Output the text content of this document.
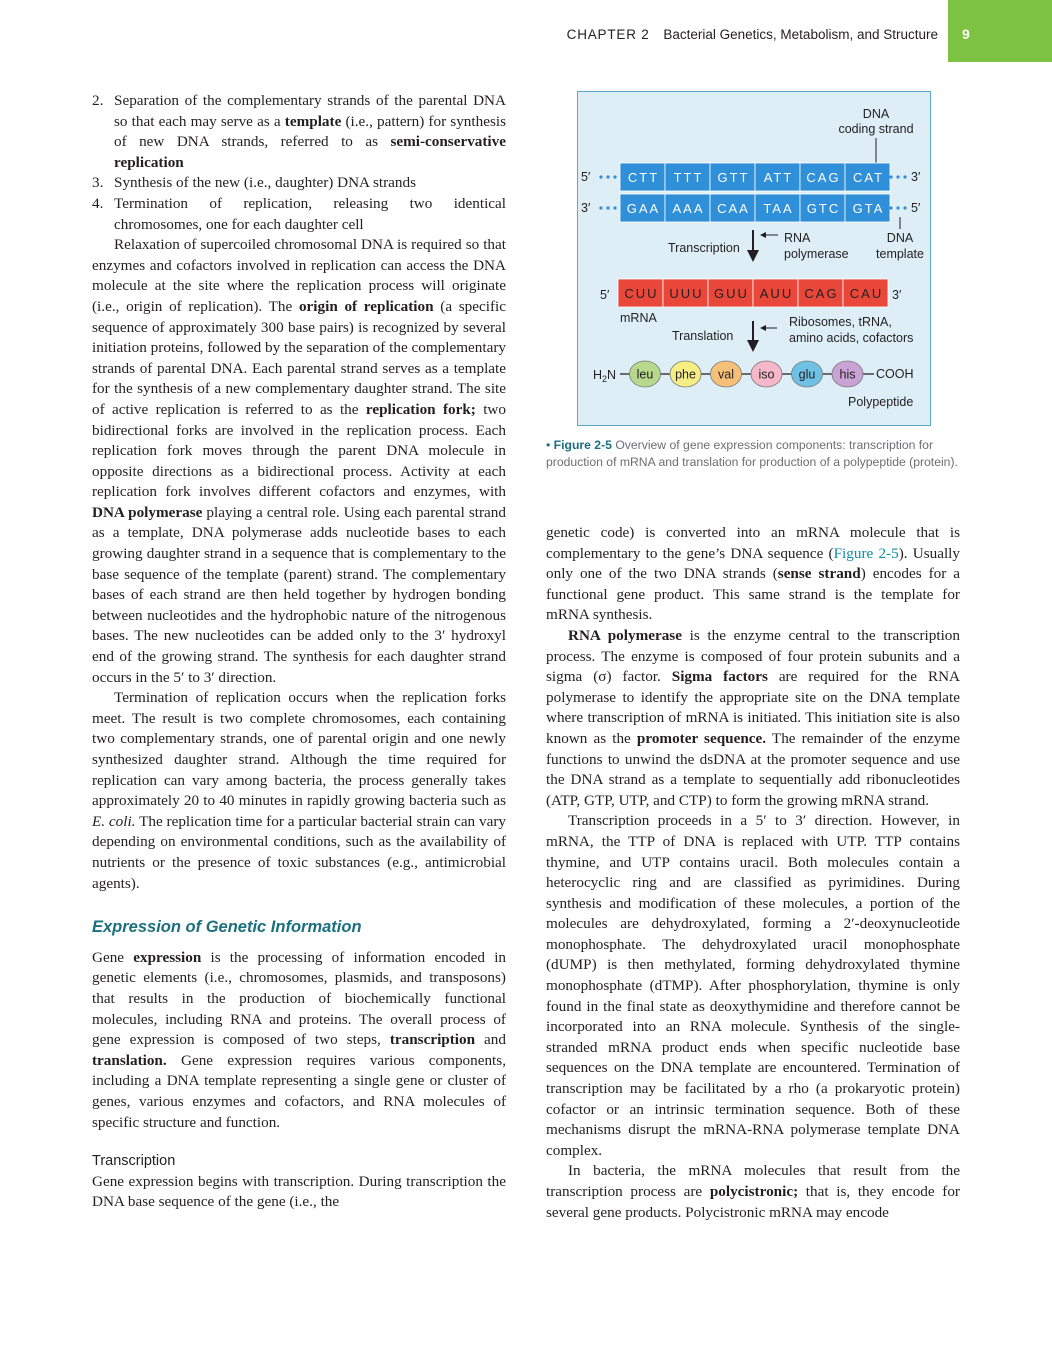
CHAPTER 2 Bacterial Genetics, Metabolism, and Structure 9
2. Separation of the complementary strands of the parental DNA so that each may serve as a template (i.e., pattern) for synthesis of new DNA strands, referred to as semi-conservative replication
3. Synthesis of the new (i.e., daughter) DNA strands
4. Termination of replication, releasing two identical chromosomes, one for each daughter cell

Relaxation of supercoiled chromosomal DNA is required so that enzymes and cofactors involved in replication can access the DNA molecule at the site where the replication process will originate (i.e., origin of replication). The origin of replication (a specific sequence of approximately 300 base pairs) is recognized by several initiation proteins, followed by the separation of the complementary strands of parental DNA. Each parental strand serves as a template for the synthesis of a new complementary daughter strand. The site of active replication is referred to as the replication fork; two bidirectional forks are involved in the replication process. Each replication fork moves through the parent DNA molecule in opposite directions as a bidirectional process. Activity at each replication fork involves different cofactors and enzymes, with DNA polymerase playing a central role. Using each parental strand as a template, DNA polymerase adds nucleotide bases to each growing daughter strand in a sequence that is complementary to the base sequence of the template (parent) strand. The complementary bases of each strand are then held together by hydrogen bonding between nucleotides and the hydrophobic nature of the nitrogenous bases. The new nucleotides can be added only to the 3′ hydroxyl end of the growing strand. The synthesis for each daughter strand occurs in the 5′ to 3′ direction.

Termination of replication occurs when the replication forks meet. The result is two complete chromosomes, each containing two complementary strands, one of parental origin and one newly synthesized daughter strand. Although the time required for replication can vary among bacteria, the process generally takes approximately 20 to 40 minutes in rapidly growing bacteria such as E. coli. The replication time for a particular bacterial strain can vary depending on environmental conditions, such as the availability of nutrients or the presence of toxic substances (e.g., antimicrobial agents).

Expression of Genetic Information

Gene expression is the processing of information encoded in genetic elements (i.e., chromosomes, plasmids, and transposons) that results in the production of biochemically functional molecules, including RNA and proteins. The overall process of gene expression is composed of two steps, transcription and translation. Gene expression requires various components, including a DNA template representing a single gene or cluster of genes, various enzymes and cofactors, and RNA molecules of specific structure and function.

Transcription

Gene expression begins with transcription. During transcription the DNA base sequence of the gene (i.e., the

DNA
coding strand
5′	CTT TTT GTT ATT CAG CAT 3′
3′	GAA AAA CAA TAA GTC GTA 5′
DNA
template
Transcription
RNA
polymerase
5′ CUU UUU GUU AUU CAG CAU 3′
mRNA
Translation
Ribosomes, tRNA,
amino acids, cofactors
$H_2N$ leu phe val iso glu his COOH
Polypeptide
• Figure 2-5 Overview of gene expression components: transcription for production of mRNA and translation for production of a polypeptide (protein).

genetic code) is converted into an mRNA molecule that is complementary to the gene’s DNA sequence (Figure 2-5). Usually only one of the two DNA strands (sense strand) encodes for a functional gene product. This same strand is the template for mRNA synthesis.

RNA polymerase is the enzyme central to the transcription process. The enzyme is composed of four protein subunits and a sigma (σ) factor. Sigma factors are required for the RNA polymerase to identify the appropriate site on the DNA template where transcription of mRNA is initiated. This initiation site is also known as the promoter sequence. The remainder of the enzyme functions to unwind the dsDNA at the promoter sequence and use the DNA strand as a template to sequentially add ribonucleotides (ATP, GTP, UTP, and CTP) to form the growing mRNA strand.

Transcription proceeds in a 5′ to 3′ direction. However, in mRNA, the TTP of DNA is replaced with UTP. TTP contains thymine, and UTP contains uracil. Both molecules contain a heterocyclic ring and are classified as pyrimidines. During synthesis and modification of these molecules, a portion of the molecules are dehydroxylated, forming a 2′-deoxynucleotide monophosphate. The dehydroxylated uracil monophosphate (dUMP) is then methylated, forming dehydroxylated thymine monophosphate (dTMP). After phosphorylation, thymine is only found in the final state as deoxythymidine and therefore cannot be incorporated into an RNA molecule. Synthesis of the single-stranded mRNA product ends when specific nucleotide base sequences on the DNA template are encountered. Termination of transcription may be facilitated by a rho (a prokaryotic protein) cofactor or an intrinsic termination sequence. Both of these mechanisms disrupt the mRNA-RNA polymerase template DNA complex.

In bacteria, the mRNA molecules that result from the transcription process are polycistronic; that is, they encode for several gene products. Polycistronic mRNA may encode
